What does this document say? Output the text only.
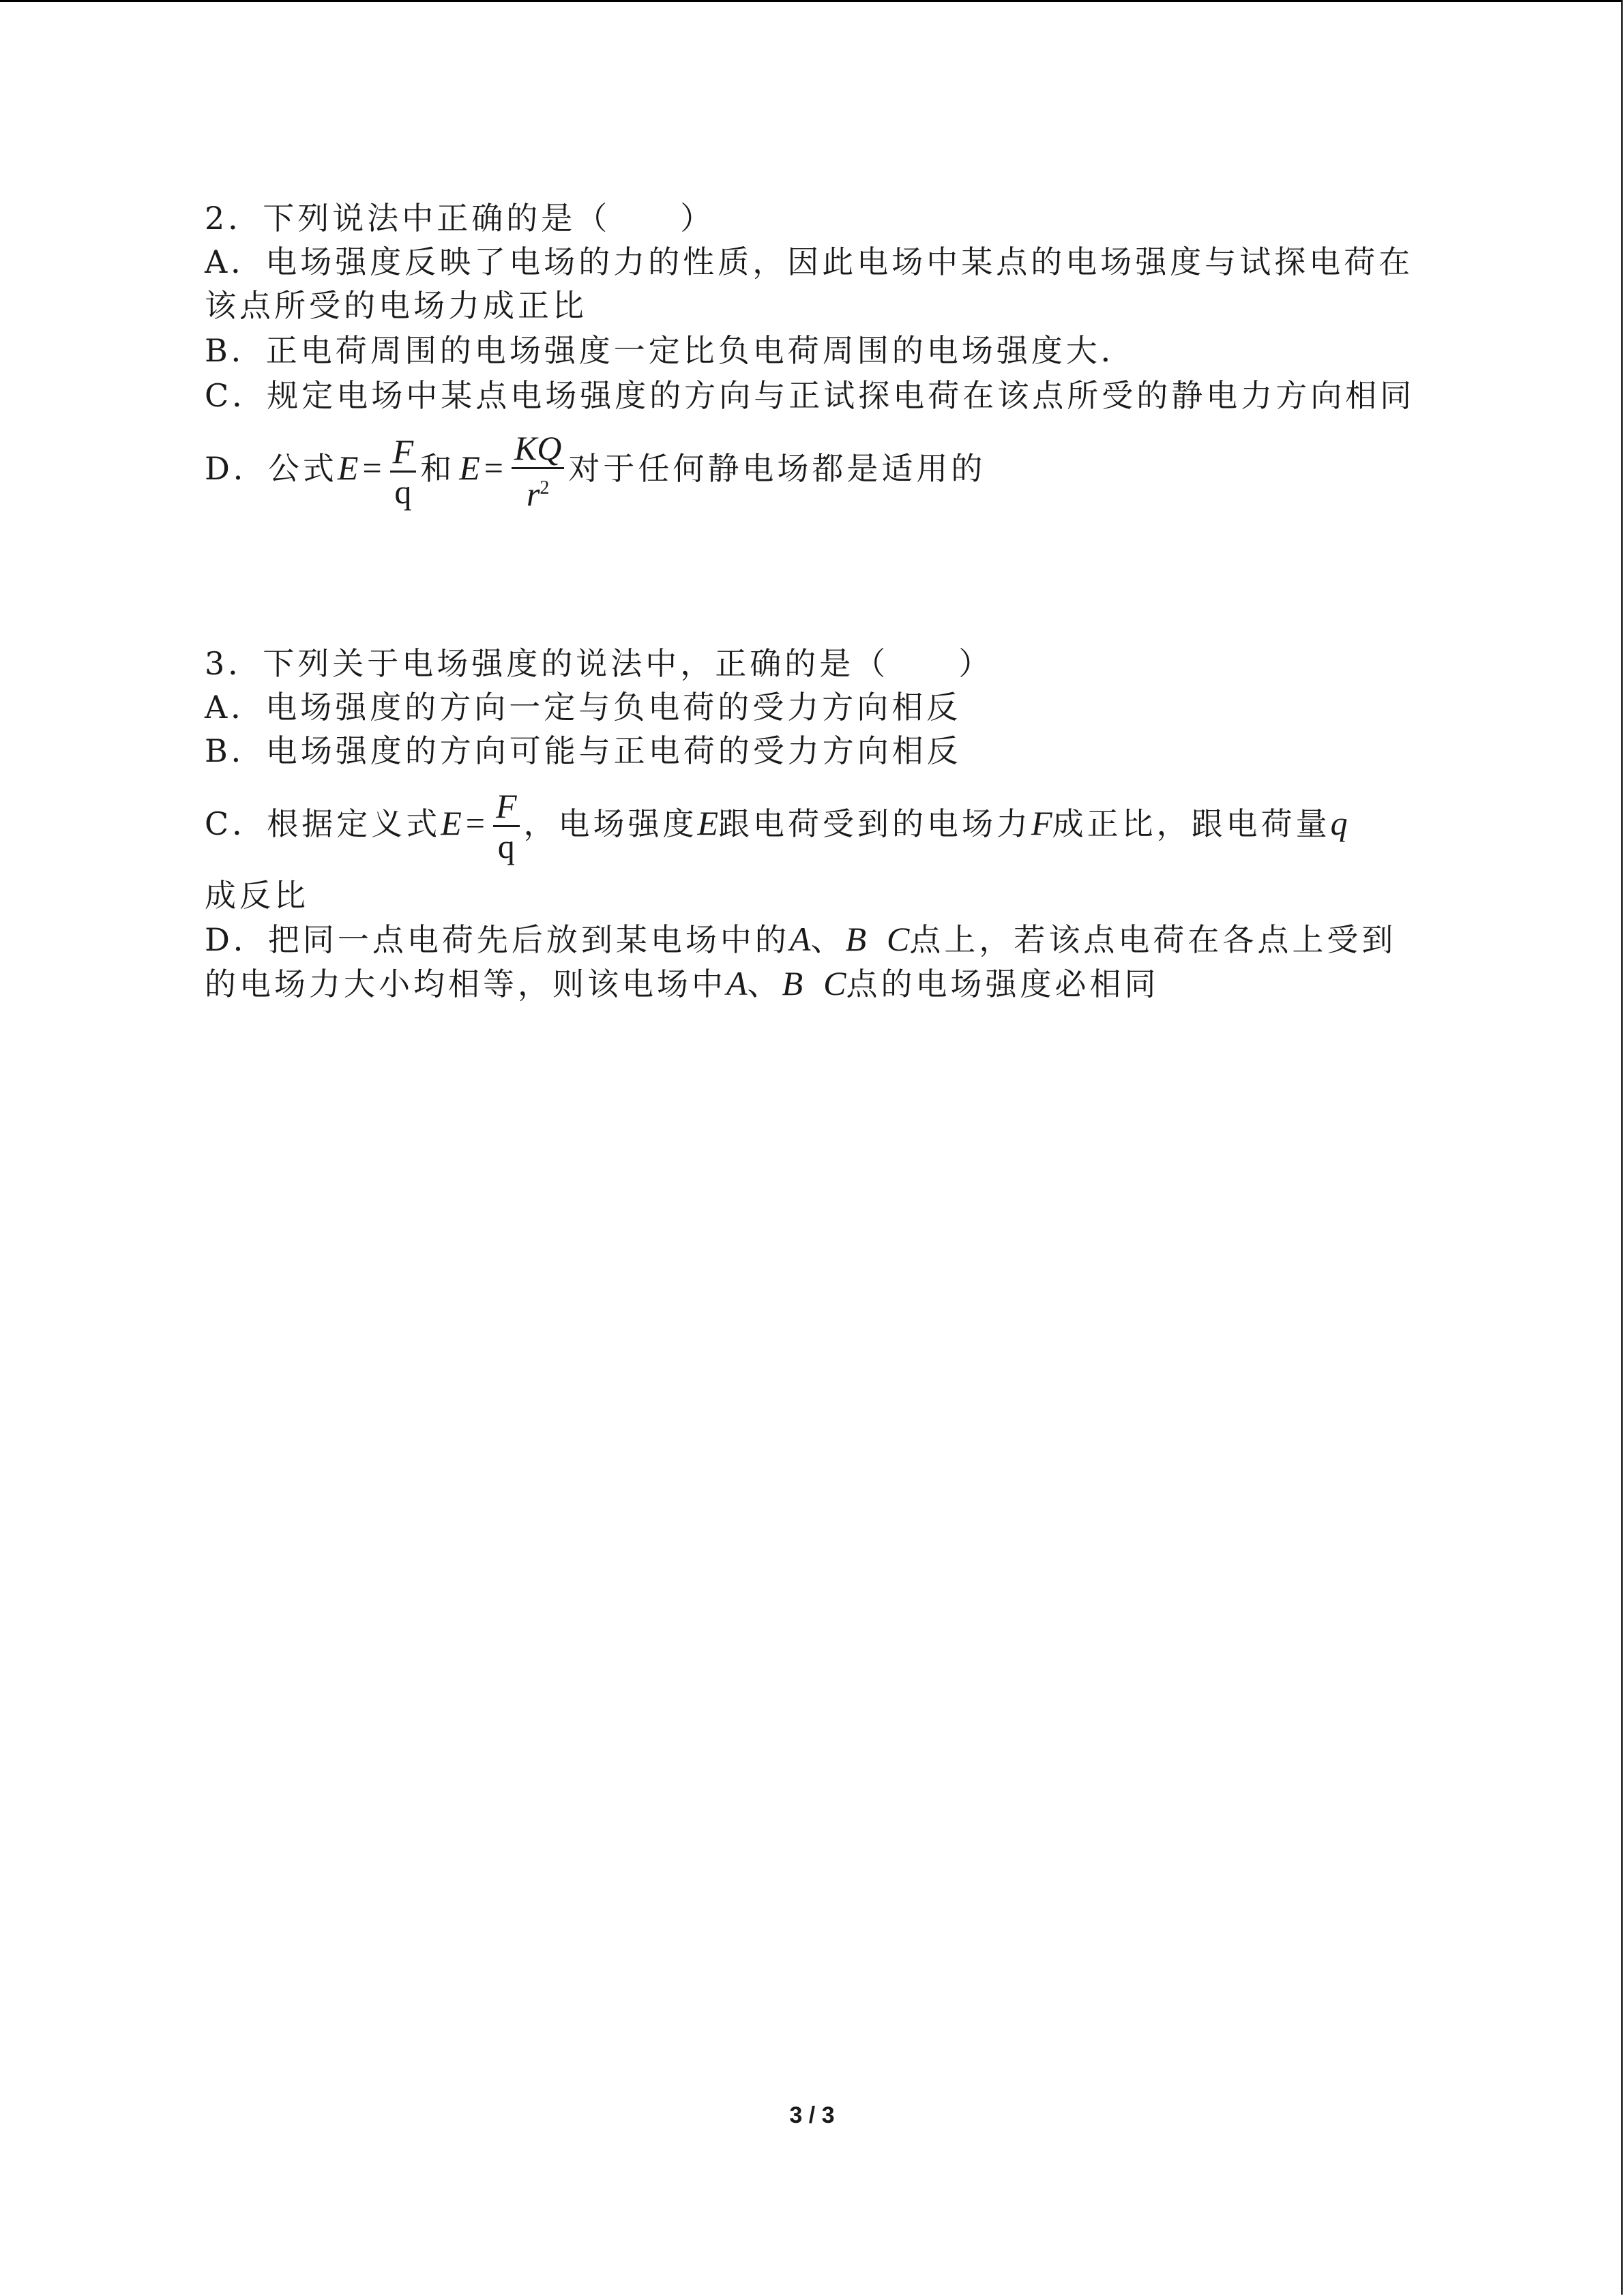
2．下列说法中正确的是（　　）
A．电场强度反映了电场的力的性质，因此电场中某点的电场强度与试探电荷在
该点所受的电场力成正比
B．正电荷周围的电场强度一定比负电荷周围的电场强度大．
C．规定电场中某点电场强度的方向与正试探电荷在该点所受的静电力方向相同
D．公式$E = \frac{F}{q}$ 和 $E = \frac{KQ}{r^2}$ 对于任何静电场都是适用的
3．下列关于电场强度的说法中，正确的是（　　）
A．电场强度的方向一定与负电荷的受力方向相反
B．电场强度的方向可能与正电荷的受力方向相反
C．根据定义式$E = \frac{F}{q}$ ，电场强度E跟电荷受到的电场力F成正比，跟电荷量q
成反比
D．把同一点电荷先后放到某电场中的A、B C点上，若该点电荷在各点上受到
的电场力大小均相等，则该电场中A、B C点的电场强度必相同
3 / 3
